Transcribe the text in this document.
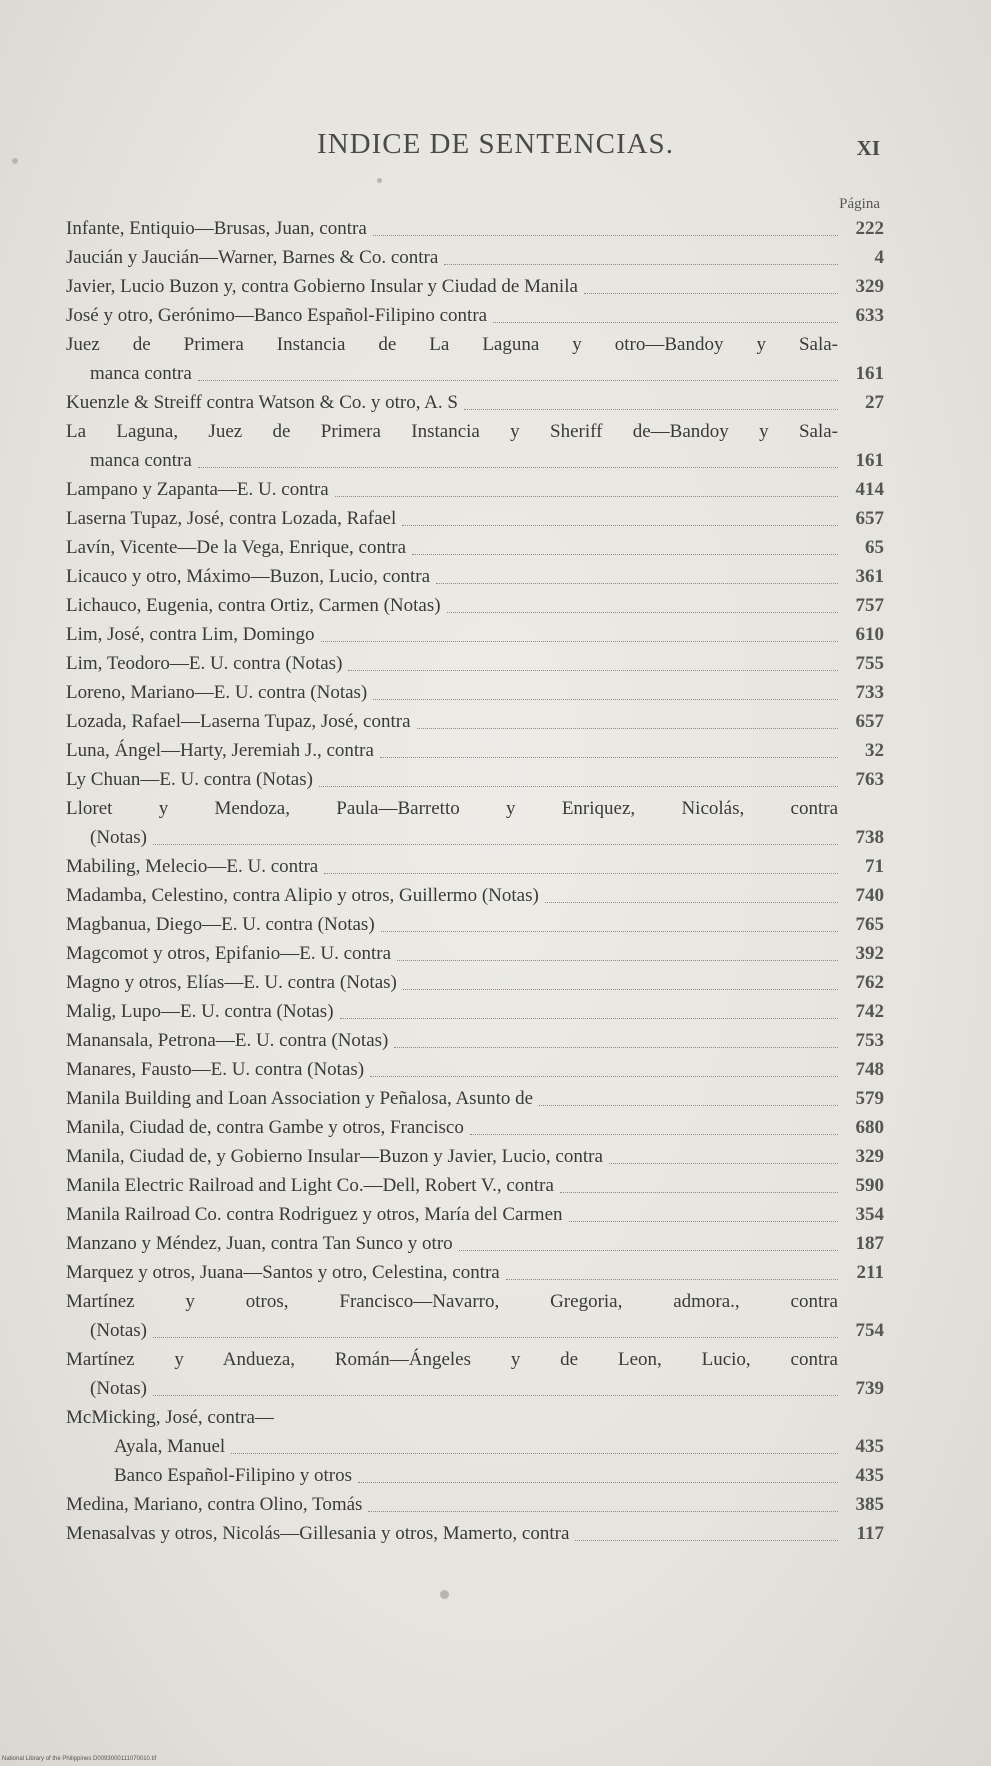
INDICE DE SENTENCIAS.	XI
Página
Infante, Entiquio—Brusas, Juan, contra	222
Jaucián y Jaucián—Warner, Barnes & Co. contra	4
Javier, Lucio Buzon y, contra Gobierno Insular y Ciudad de Manila	329
José y otro, Gerónimo—Banco Español-Filipino contra	633
Juez de Primera Instancia de La Laguna y otro—Bandoy y Sala-
manca contra	161
Kuenzle & Streiff contra Watson & Co. y otro, A. S	27
La Laguna, Juez de Primera Instancia y Sheriff de—Bandoy y Sala-
manca contra	161
Lampano y Zapanta—E. U. contra	414
Laserna Tupaz, José, contra Lozada, Rafael	657
Lavín, Vicente—De la Vega, Enrique, contra	65
Licauco y otro, Máximo—Buzon, Lucio, contra	361
Lichauco, Eugenia, contra Ortiz, Carmen (Notas)	757
Lim, José, contra Lim, Domingo	610
Lim, Teodoro—E. U. contra (Notas)	755
Loreno, Mariano—E. U. contra (Notas)	733
Lozada, Rafael—Laserna Tupaz, José, contra	657
Luna, Ángel—Harty, Jeremiah J., contra	32
Ly Chuan—E. U. contra (Notas)	763
Lloret y Mendoza, Paula—Barretto y Enriquez, Nicolás, contra
(Notas)	738
Mabiling, Melecio—E. U. contra	71
Madamba, Celestino, contra Alipio y otros, Guillermo (Notas)	740
Magbanua, Diego—E. U. contra (Notas)	765
Magcomot y otros, Epifanio—E. U. contra	392
Magno y otros, Elías—E. U. contra (Notas)	762
Malig, Lupo—E. U. contra (Notas)	742
Manansala, Petrona—E. U. contra (Notas)	753
Manares, Fausto—E. U. contra (Notas)	748
Manila Building and Loan Association y Peñalosa, Asunto de	579
Manila, Ciudad de, contra Gambe y otros, Francisco	680
Manila, Ciudad de, y Gobierno Insular—Buzon y Javier, Lucio, contra	329
Manila Electric Railroad and Light Co.—Dell, Robert V., contra	590
Manila Railroad Co. contra Rodriguez y otros, María del Carmen	354
Manzano y Méndez, Juan, contra Tan Sunco y otro	187
Marquez y otros, Juana—Santos y otro, Celestina, contra	211
Martínez y otros, Francisco—Navarro, Gregoria, admora., contra
(Notas)	754
Martínez y Andueza, Román—Ángeles y de Leon, Lucio, contra
(Notas)	739
McMicking, José, contra—
Ayala, Manuel	435
Banco Español-Filipino y otros	435
Medina, Mariano, contra Olino, Tomás	385
Menasalvas y otros, Nicolás—Gillesania y otros, Mamerto, contra	117
National Library of the Philippines D0093000111070010.tif
